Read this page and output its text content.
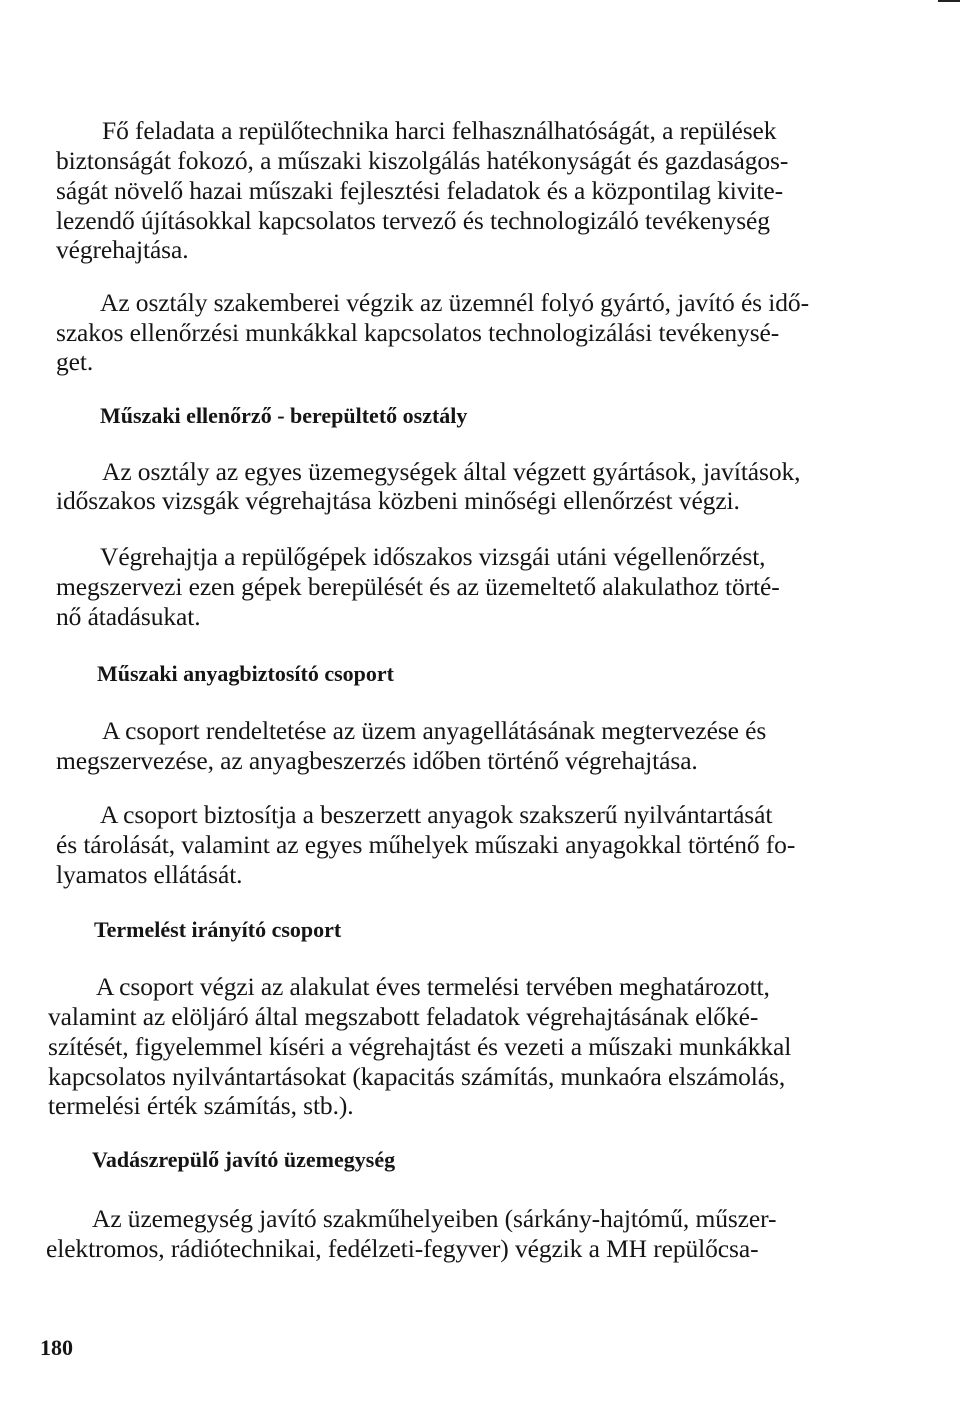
Fő feladata a repülőtechnika harci felhasználhatóságát, a repülések
biztonságát fokozó, a műszaki kiszolgálás hatékonyságát és gazdaságos-
ságát növelő hazai műszaki fejlesztési feladatok és a központilag kivite-
lezendő újításokkal kapcsolatos tervező és technologizáló tevékenység
végrehajtása.
Az osztály szakemberei végzik az üzemnél folyó gyártó, javító és idő-
szakos ellenőrzési munkákkal kapcsolatos technologizálási tevékenysé-
get.
Műszaki ellenőrző - berepültető osztály
Az osztály az egyes üzemegységek által végzett gyártások, javítások,
időszakos vizsgák végrehajtása közbeni minőségi ellenőrzést végzi.
Végrehajtja a repülőgépek időszakos vizsgái utáni végellenőrzést,
megszervezi ezen gépek berepülését és az üzemeltető alakulathoz törté-
nő átadásukat.
Műszaki anyagbiztosító csoport
A csoport rendeltetése az üzem anyagellátásának megtervezése és
megszervezése, az anyagbeszerzés időben történő végrehajtása.
A csoport biztosítja a beszerzett anyagok szakszerű nyilvántartását
és tárolását, valamint az egyes műhelyek műszaki anyagokkal történő fo-
lyamatos ellátását.
Termelést irányító csoport
A csoport végzi az alakulat éves termelési tervében meghatározott,
valamint az elöljáró által megszabott feladatok végrehajtásának előké-
szítését, figyelemmel kíséri a végrehajtást és vezeti a műszaki munkákkal
kapcsolatos nyilvántartásokat (kapacitás számítás, munkaóra elszámolás,
termelési érték számítás, stb.).
Vadászrepülő javító üzemegység
Az üzemegység javító szakműhelyeiben (sárkány-hajtómű, műszer-
elektromos, rádiótechnikai, fedélzeti-fegyver) végzik a MH repülőcsa-
180
